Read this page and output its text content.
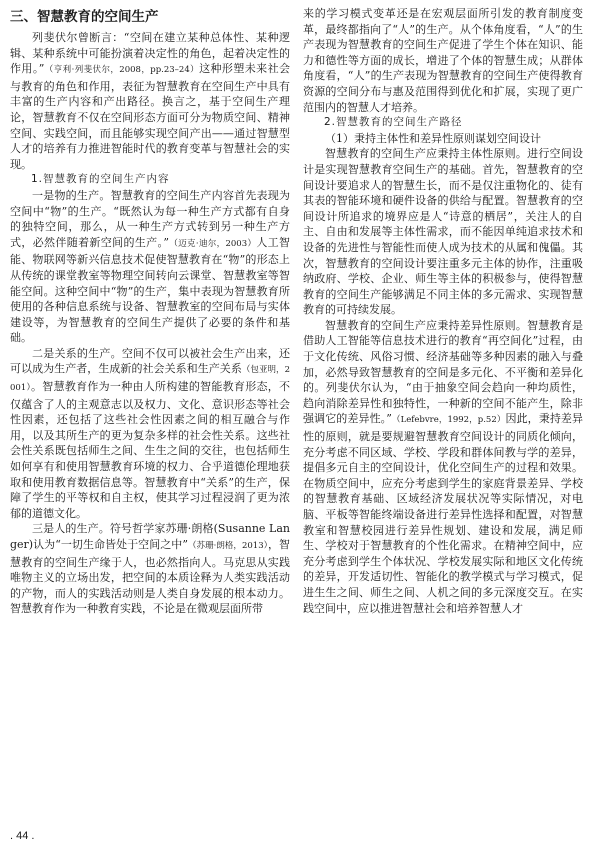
三、智慧教育的空间生产

列斐伏尔曾断言：“空间在建立某种总体性、某种逻辑、某种系统中可能扮演着决定性的角色，起着决定性的作用。”（亨利·列斐伏尔，2008，pp.23–24）这种形塑未来社会与教育的角色和作用，表征为智慧教育在空间生产中具有丰富的生产内容和产出路径。换言之，基于空间生产理论，智慧教育不仅在空间形态方面可分为物质空间、精神空间、实践空间，而且能够实现空间产出——通过智慧型人才的培养有力推进智能时代的教育变革与智慧社会的实现。

1.智慧教育的空间生产内容

一是物的生产。智慧教育的空间生产内容首先表现为空间中“物”的生产。“既然认为每一种生产方式都有自身的独特空间，那么，从一种生产方式转到另一种生产方式，必然伴随着新空间的生产。”（迈克·迪尔，2003）人工智能、物联网等新兴信息技术促使智慧教育在“物”的形态上从传统的课堂教室等物理空间转向云课堂、智慧教室等智能空间。这种空间中“物”的生产，集中表现为智慧教育所使用的各种信息系统与设备、智慧教室的空间布局与实体建设等，为智慧教育的空间生产提供了必要的条件和基础。

二是关系的生产。空间不仅可以被社会生产出来，还可以成为生产者，生成新的社会关系和生产关系（包亚明，2001）。智慧教育作为一种由人所构建的智能教育形态，不仅蕴含了人的主观意志以及权力、文化、意识形态等社会性因素，还包括了这些社会性因素之间的相互融合与作用，以及其所生产的更为复杂多样的社会性关系。这些社会性关系既包括师生之间、生生之间的交往，也包括师生如何享有和使用智慧教育环境的权力、合乎道德伦理地获取和使用教育数据信息等。智慧教育中“关系”的生产，保障了学生的平等权和自主权，使其学习过程浸润了更为浓郁的道德文化。

三是人的生产。符号哲学家苏珊·朗格(Susanne Langer)认为“一切生命皆处于空间之中”（苏珊·朗格，2013），智慧教育的空间生产缘于人，也必然指向人。马克思从实践唯物主义的立场出发，把空间的本质诠释为人类实践活动的产物，而人的实践活动则是人类自身发展的根本动力。智慧教育作为一种教育实践，不论是在微观层面所带

来的学习模式变革还是在宏观层面所引发的教育制度变革，最终都指向了“人”的生产。从个体角度看，“人”的生产表现为智慧教育的空间生产促进了学生个体在知识、能力和德性等方面的成长，增进了个体的智慧生成；从群体角度看，“人”的生产表现为智慧教育的空间生产使得教育资源的空间分布与惠及范围得到优化和扩展，实现了更广范围内的智慧人才培养。

2.智慧教育的空间生产路径

（1）秉持主体性和差异性原则谋划空间设计

智慧教育的空间生产应秉持主体性原则。进行空间设计是实现智慧教育空间生产的基础。首先，智慧教育的空间设计要追求人的智慧生长，而不是仅注重物化的、徒有其表的智能环境和硬件设备的供给与配置。智慧教育的空间设计所追求的境界应是人“诗意的栖居”，关注人的自主、自由和发展等主体性需求，而不能因单纯追求技术和设备的先进性与智能性而使人成为技术的从属和傀儡。其次，智慧教育的空间设计要注重多元主体的协作，注重吸纳政府、学校、企业、师生等主体的积极参与，使得智慧教育的空间生产能够满足不同主体的多元需求、实现智慧教育的可持续发展。

智慧教育的空间生产应秉持差异性原则。智慧教育是借助人工智能等信息技术进行的教育“再空间化”过程，由于文化传统、风俗习惯、经济基础等多种因素的融入与叠加，必然导致智慧教育的空间是多元化、不平衡和差异化的。列斐伏尔认为，“由于抽象空间会趋向一种均质性，趋向消除差异性和独特性，一种新的空间不能产生，除非强调它的差异性。”（Lefebvre，1992，p.52）因此，秉持差异性的原则，就是要规避智慧教育空间设计的同质化倾向，充分考虑不同区域、学校、学段和群体间教与学的差异，提倡多元自主的空间设计，优化空间生产的过程和效果。在物质空间中，应充分考虑到学生的家庭背景差异、学校的智慧教育基础、区域经济发展状况等实际情况，对电脑、平板等智能终端设备进行差异性选择和配置，对智慧教室和智慧校园进行差异性规划、建设和发展，满足师生、学校对于智慧教育的个性化需求。在精神空间中，应充分考虑到学生个体状况、学校发展实际和地区文化传统的差异，开发适切性、智能化的教学模式与学习模式，促进生生之间、师生之间、人机之间的多元深度交互。在实践空间中，应以推进智慧社会和培养智慧人才

. 44 .
